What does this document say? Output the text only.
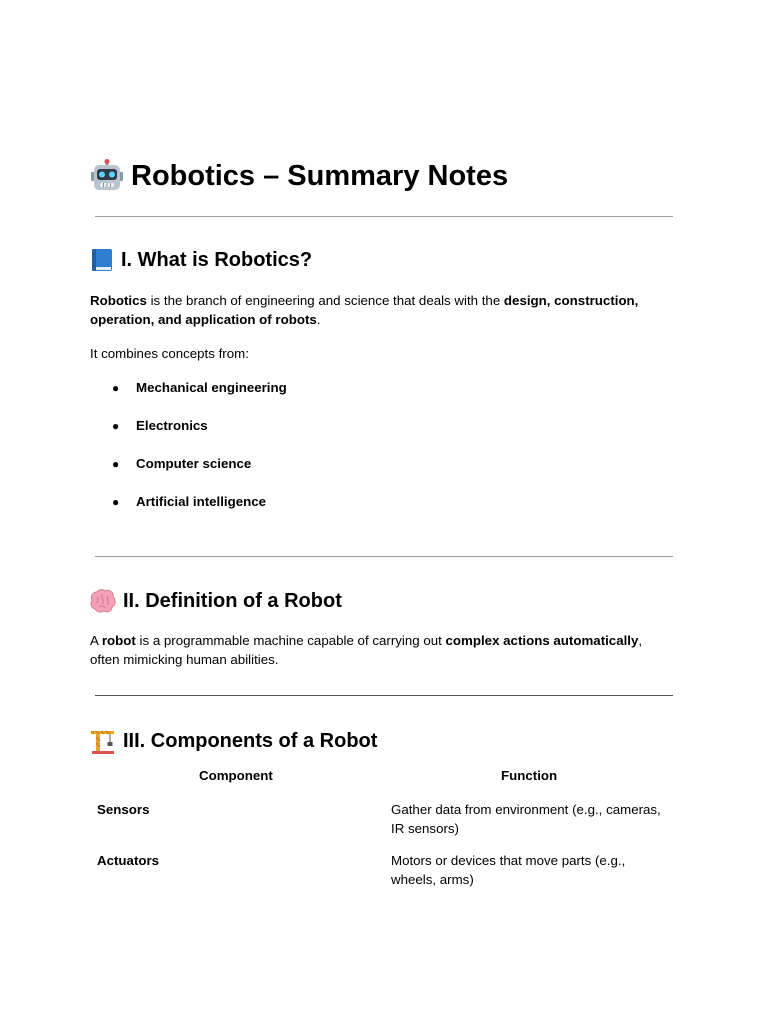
Robotics – Summary Notes
I. What is Robotics?
Robotics is the branch of engineering and science that deals with the design, construction,
operation, and application of robots.
It combines concepts from:
● Mechanical engineering
● Electronics
● Computer science
● Artificial intelligence
II. Definition of a Robot
A robot is a programmable machine capable of carrying out complex actions automatically,
often mimicking human abilities.
III. Components of a Robot
Component	Function
Sensors	Gather data from environment (e.g., cameras,
IR sensors)
Actuators	Motors or devices that move parts (e.g.,
wheels, arms)
